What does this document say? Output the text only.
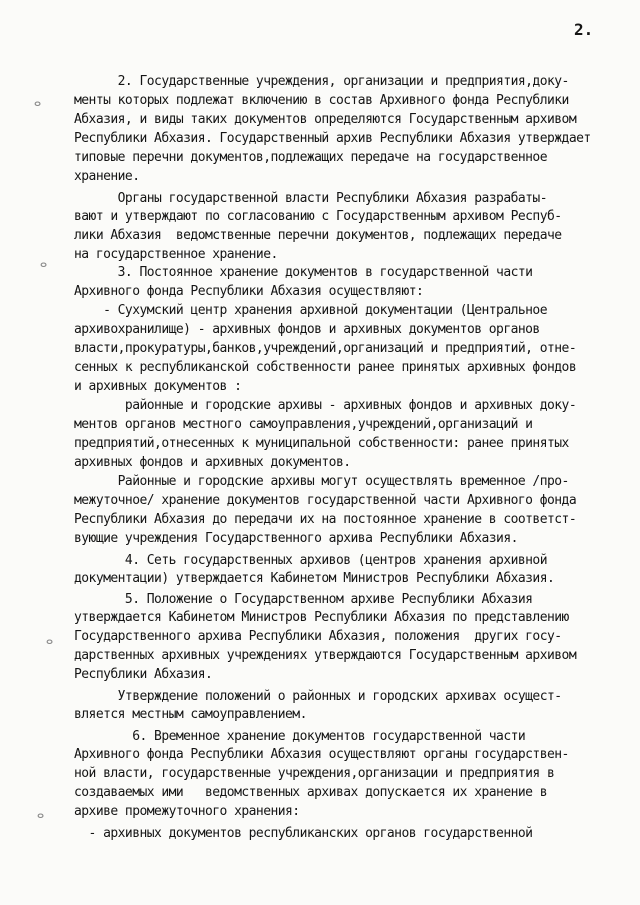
2.
ⴰ
ⴰ
ⴰ
ⴰ
2. Государственные учреждения, организации и предприятия,доку-
менты которых подлежат включению в состав Архивного фонда Республики
Абхазия, и виды таких документов определяются Государственным архивом
Республики Абхазия. Государственный архив Республики Абхазия утверждает
типовые перечни документов,подлежащих передаче на государственное
хранение.
Органы государственной власти Республики Абхазия разрабаты-
вают и утверждают по согласованию с Государственным архивом Респуб-
лики Абхазия  ведомственные перечни документов, подлежащих передаче
на государственное хранение.
3. Постоянное хранение документов в государственной части
Архивного фонда Республики Абхазия осуществляют:
- Сухумский центр хранения архивной документации (Центральное
архивохранилище) - архивных фондов и архивных документов органов
власти,прокуратуры,банков,учреждений,организаций и предприятий, отне-
сенных к республиканской собственности ранее принятых архивных фондов
и архивных документов :
районные и городские архивы - архивных фондов и архивных доку-
ментов органов местного самоуправления,учреждений,организаций и
предприятий,отнесенных к муниципальной собственности: ранее принятых
архивных фондов и архивных документов.
Районные и городские архивы могут осуществлять временное /про-
межуточное/ хранение документов государственной части Архивного фонда
Республики Абхазия до передачи их на постоянное хранение в соответст-
вующие учреждения Государственного архива Республики Абхазия.
4. Сеть государственных архивов (центров хранения архивной
документации) утверждается Кабинетом Министров Республики Абхазия.
5. Положение о Государственном архиве Республики Абхазия
утверждается Кабинетом Министров Республики Абхазия по представлению
Государственного архива Республики Абхазия, положения  других госу-
дарственных архивных учреждениях утверждаются Государственным архивом
Республики Абхазия.
Утверждение положений о районных и городских архивах осущест-
вляется местным самоуправлением.
6. Временное хранение документов государственной части
Архивного фонда Республики Абхазия осуществляют органы государствен-
ной власти, государственные учреждения,организации и предприятия в
создаваемых ими   ведомственных архивах допускается их хранение в
архиве промежуточного хранения:
- архивных документов республиканских органов государственной
